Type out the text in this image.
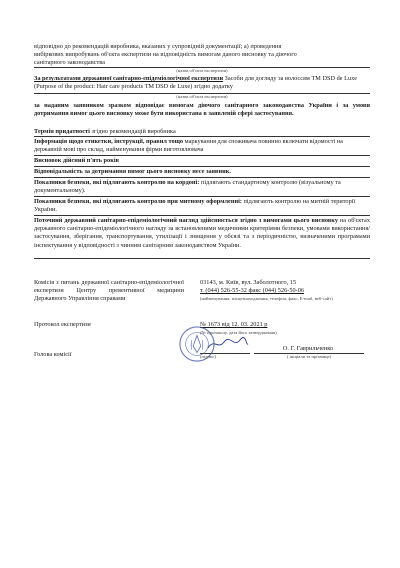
відповідно до рекомендацій виробника, вказаних у супровідній документації; а) проведення
вибіркових випробувань об'єкта експертизи на відповідність вимогам даного висновку та діючого
санітарного законодавства
(назва об'єкта експертизи)
За результатами державної санітарно-епідеміологічної експертизи Засоби для догляду за волоссям TM DSD de Luxe (Purpose of the product: Hair care products TM DSD de Luxe) згідно додатку
(назва об'єкта експертизи)
за наданим заявником зразком відповідає вимогам діючого санітарного законодавства України і за умови дотримання вимог цього висновку може бути використана в заявленій сфері застосування.
Термін придатності згідно рекомендацій виробника
Інформація щодо етикетки, інструкції, правил тощо маркування для споживача повинно включати відомості на державній мові про склад, найменування фірми виготовлювача
Висновок дійсний п'ять років
Відповідальність за дотримання вимог цього висновку несе заявник.
Показники безпеки, які підлягають контролю на кордоні: підлягають стандартному контролю (візуальному та документальному).
Показники безпеки, які підлягають контролю при митному оформленні: підлягають контролю на митній території України.
Поточний державний санітарно-епідеміологічний нагляд здійснюється згідно з вимогами цього висновку на об'єктах державного санітарно-епідеміологічного нагляду за встановленими медичними критеріями безпеки, умовами використання/застосування, зберігання, транспортування, утилізації і знищення у обсязі та з періодичністю, визначеними програмами інспектування у відповідності з чинним санітарним законодавством України.
Комісія з питань державної санітарно-епідеміологічної експертизи Центру превентивної медицини Державного Управління справами
03143, м. Київ, вул. Заболотного, 15
т. (044) 526-55-32 факс (044) 526-50-06
(найменування, місцезнаходження, телефон, факс, E-mail, веб-сайт)
Протокол експертизи	№ 1673 від 12. 03. 2021 р
(№ протоколу, дата його затвердження)
Голова комісії
О. Г. Гаврильченко
(підпис)	( ініціали та прізвище)
